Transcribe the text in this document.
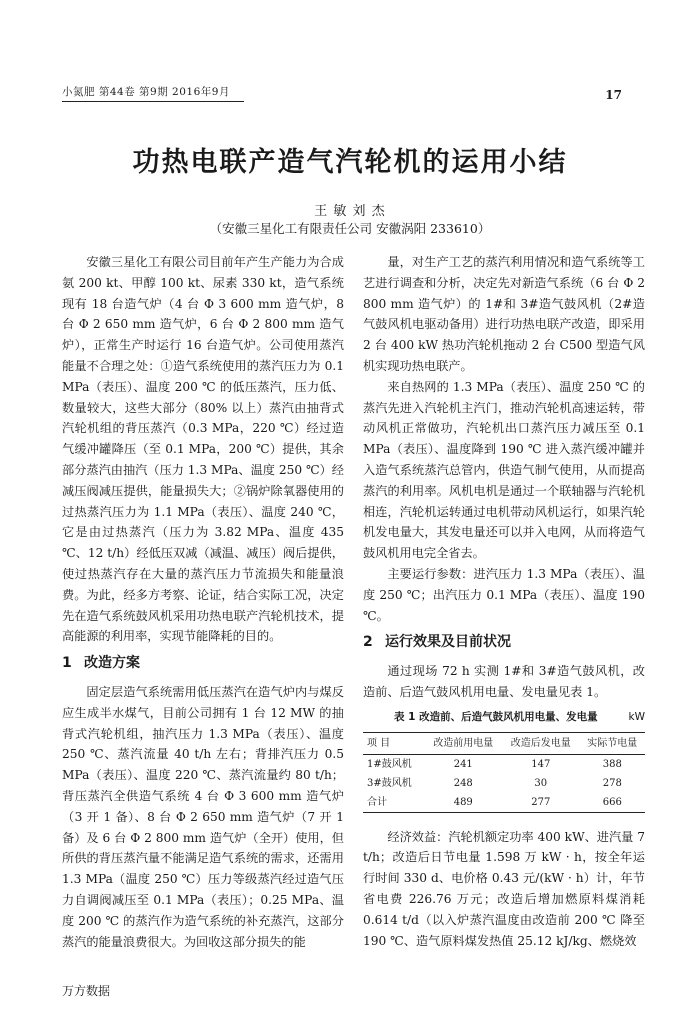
小氮肥 第44卷 第9期 2016年9月	17
功热电联产造气汽轮机的运用小结
王 敏 刘 杰
（安徽三星化工有限责任公司 安徽涡阳 233610）

安徽三星化工有限公司目前年产生产能力为合成氨 200 kt、甲醇 100 kt、尿素 330 kt，造气系统现有 18 台造气炉（4 台 Φ 3 600 mm 造气炉，8 台 Φ 2 650 mm 造气炉，6 台 Φ 2 800 mm 造气炉），正常生产时运行 16 台造气炉。公司使用蒸汽能量不合理之处：①造气系统使用的蒸汽压力为 0.1 MPa（表压）、温度 200 ℃ 的低压蒸汽，压力低、数量较大，这些大部分（80% 以上）蒸汽由抽背式汽轮机组的背压蒸汽（0.3 MPa，220 ℃）经过造气缓冲罐降压（至 0.1 MPa，200 ℃）提供，其余部分蒸汽由抽汽（压力 1.3 MPa、温度 250 ℃）经减压阀减压提供，能量损失大；②锅炉除氧器使用的过热蒸汽压力为 1.1 MPa（表压）、温度 240 ℃，它是由过热蒸汽（压力为 3.82 MPa、温度 435 ℃、12 t/h）经低压双减（减温、减压）阀后提供，使过热蒸汽存在大量的蒸汽压力节流损失和能量浪费。为此，经多方考察、论证，结合实际工况，决定先在造气系统鼓风机采用功热电联产汽轮机技术，提高能源的利用率，实现节能降耗的目的。

1 改造方案

固定层造气系统需用低压蒸汽在造气炉内与煤反应生成半水煤气，目前公司拥有 1 台 12 MW 的抽背式汽轮机组，抽汽压力 1.3 MPa（表压）、温度 250 ℃、蒸汽流量 40 t/h 左右；背排汽压力 0.5 MPa（表压）、温度 220 ℃、蒸汽流量约 80 t/h；背压蒸汽全供造气系统 4 台 Φ 3 600 mm 造气炉（3 开 1 备）、8 台 Φ 2 650 mm 造气炉（7 开 1 备）及 6 台 Φ 2 800 mm 造气炉（全开）使用，但所供的背压蒸汽量不能满足造气系统的需求，还需用 1.3 MPa（温度 250 ℃）压力等级蒸汽经过造气压力自调阀减压至 0.1 MPa（表压）；0.25 MPa、温度 200 ℃ 的蒸汽作为造气系统的补充蒸汽，这部分蒸汽的能量浪费很大。为回收这部分损失的能

量，对生产工艺的蒸汽利用情况和造气系统等工艺进行调查和分析，决定先对新造气系统（6 台 Φ 2 800 mm 造气炉）的 1#和 3#造气鼓风机（2#造气鼓风机电驱动备用）进行功热电联产改造，即采用 2 台 400 kW 热功汽轮机拖动 2 台 C500 型造气风机实现功热电联产。

来自热网的 1.3 MPa（表压）、温度 250 ℃ 的蒸汽先进入汽轮机主汽门，推动汽轮机高速运转，带动风机正常做功，汽轮机出口蒸汽压力减压至 0.1 MPa（表压）、温度降到 190 ℃ 进入蒸汽缓冲罐并入造气系统蒸汽总管内，供造气制气使用，从而提高蒸汽的利用率。风机电机是通过一个联轴器与汽轮机相连，汽轮机运转通过电机带动风机运行，如果汽轮机发电量大，其发电量还可以并入电网，从而将造气鼓风机用电完全省去。

主要运行参数：进汽压力 1.3 MPa（表压）、温度 250 ℃；出汽压力 0.1 MPa（表压）、温度 190 ℃。

2 运行效果及目前状况

通过现场 72 h 实测 1#和 3#造气鼓风机，改造前、后造气鼓风机用电量、发电量见表 1。

表 1 改造前、后造气鼓风机用电量、发电量	kW
项 目	改造前用电量	改造后发电量	实际节电量
1#鼓风机	241	147	388
3#鼓风机	248	30	278
合计	489	277	666

经济效益：汽轮机额定功率 400 kW、进汽量 7 t/h；改造后日节电量 1.598 万 kW · h，按全年运行时间 330 d、电价格 0.43 元/(kW · h）计，年节省电费 226.76 万元；改造后增加燃原料煤消耗 0.614 t/d（以入炉蒸汽温度由改造前 200 ℃ 降至 190 ℃、造气原料煤发热值 25.12 kJ/kg、燃烧效

万方数据
